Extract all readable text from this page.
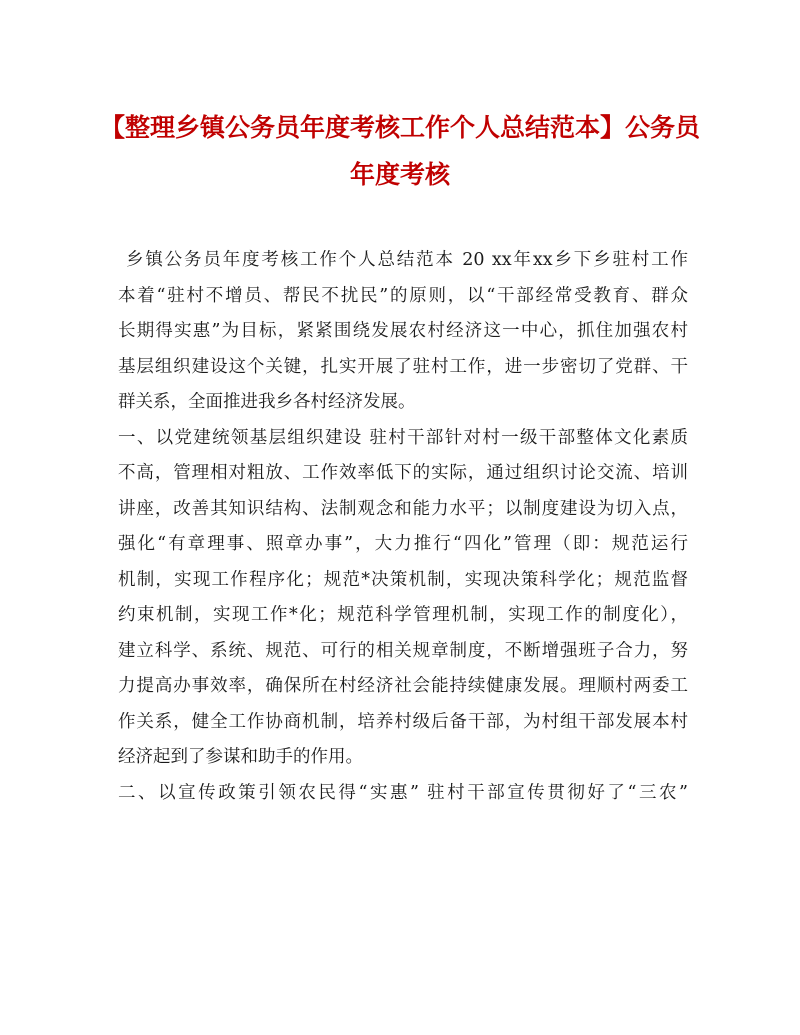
【整理乡镇公务员年度考核工作个人总结范本】公务员
年度考核
乡镇公务员年度考核工作个人总结范本 20 xx年xx乡下乡驻村工作
本着“驻村不增员、帮民不扰民”的原则，以“干部经常受教育、群众
长期得实惠”为目标，紧紧围绕发展农村经济这一中心，抓住加强农村
基层组织建设这个关键，扎实开展了驻村工作，进一步密切了党群、干
群关系，全面推进我乡各村经济发展。
一、以党建统领基层组织建设 驻村干部针对村一级干部整体文化素质
不高，管理相对粗放、工作效率低下的实际，通过组织讨论交流、培训
讲座，改善其知识结构、法制观念和能力水平；以制度建设为切入点，
强化“有章理事、照章办事”，大力推行“四化”管理（即：规范运行
机制，实现工作程序化；规范*决策机制，实现决策科学化；规范监督
约束机制，实现工作*化；规范科学管理机制，实现工作的制度化），
建立科学、系统、规范、可行的相关规章制度，不断增强班子合力，努
力提高办事效率，确保所在村经济社会能持续健康发展。理顺村两委工
作关系，健全工作协商机制，培养村级后备干部，为村组干部发展本村
经济起到了参谋和助手的作用。
二、以宣传政策引领农民得“实惠” 驻村干部宣传贯彻好了“三农”
